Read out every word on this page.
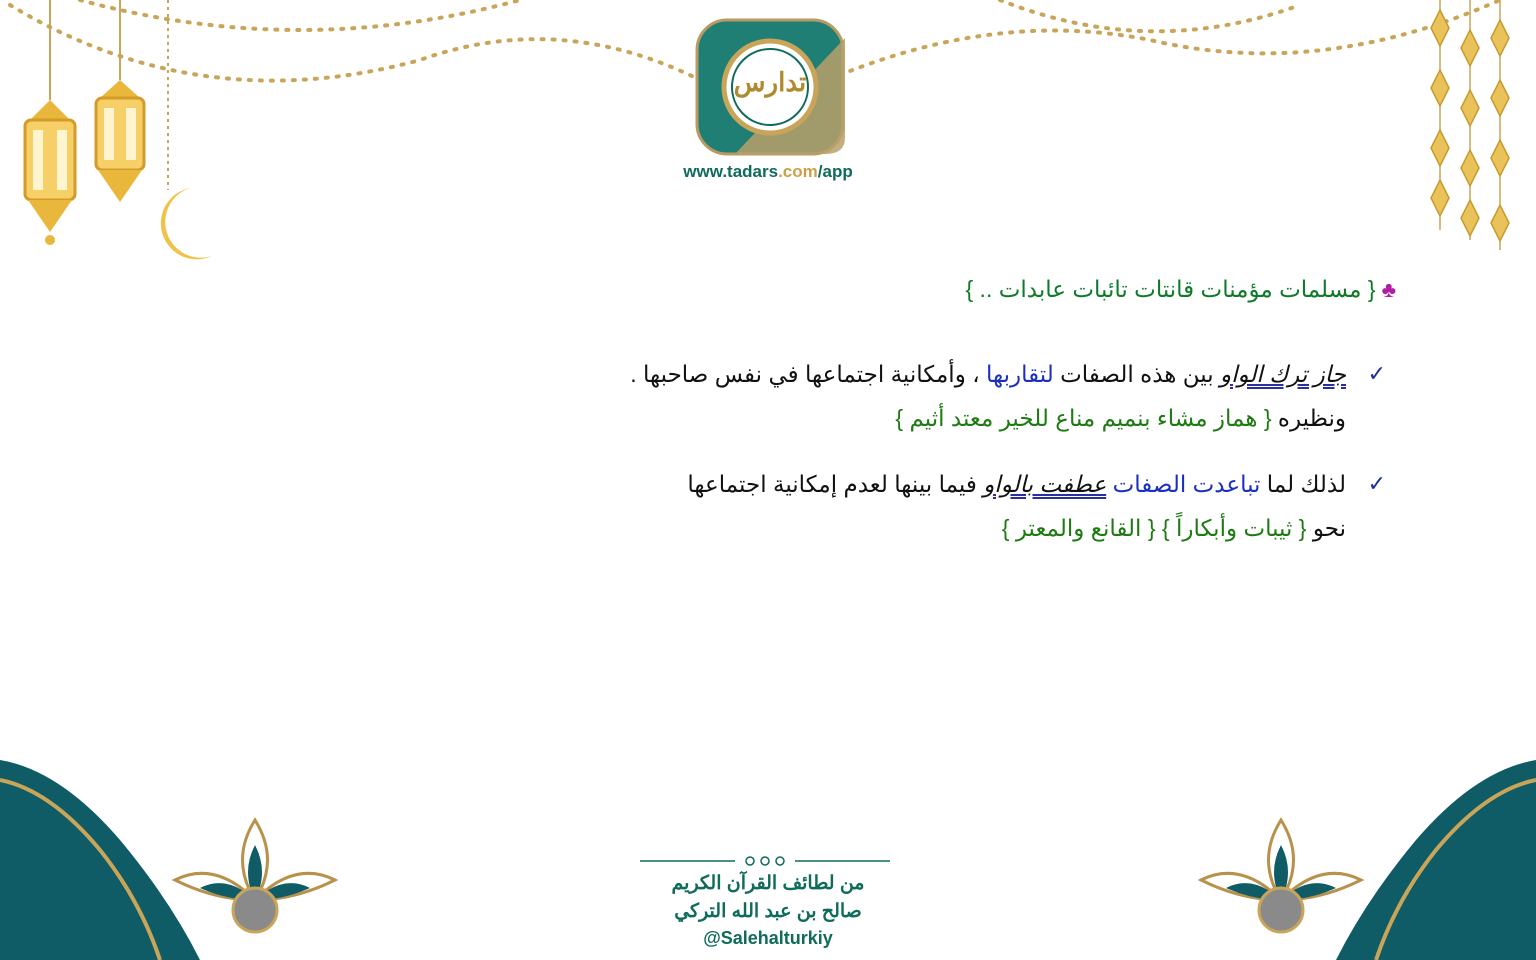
تدارس
www.tadars.com/app
♣{ مسلمات مؤمنات قانتات تائبات عابدات .. }
✓
جاز ترك الواو بين هذه الصفات لتقاربها ، وأمكانية اجتماعها في نفس صاحبها .
ونظيره { هماز مشاء بنميم مناع للخير معتد أثيم }
✓
لذلك لما تباعدت الصفات عطفت بالواو فيما بينها لعدم إمكانية اجتماعها
نحو { ثيبات وأبكاراً } { القانع والمعتر }
من لطائف القرآن الكريم
صالح بن عبد الله التركي
@Salehalturkiy
